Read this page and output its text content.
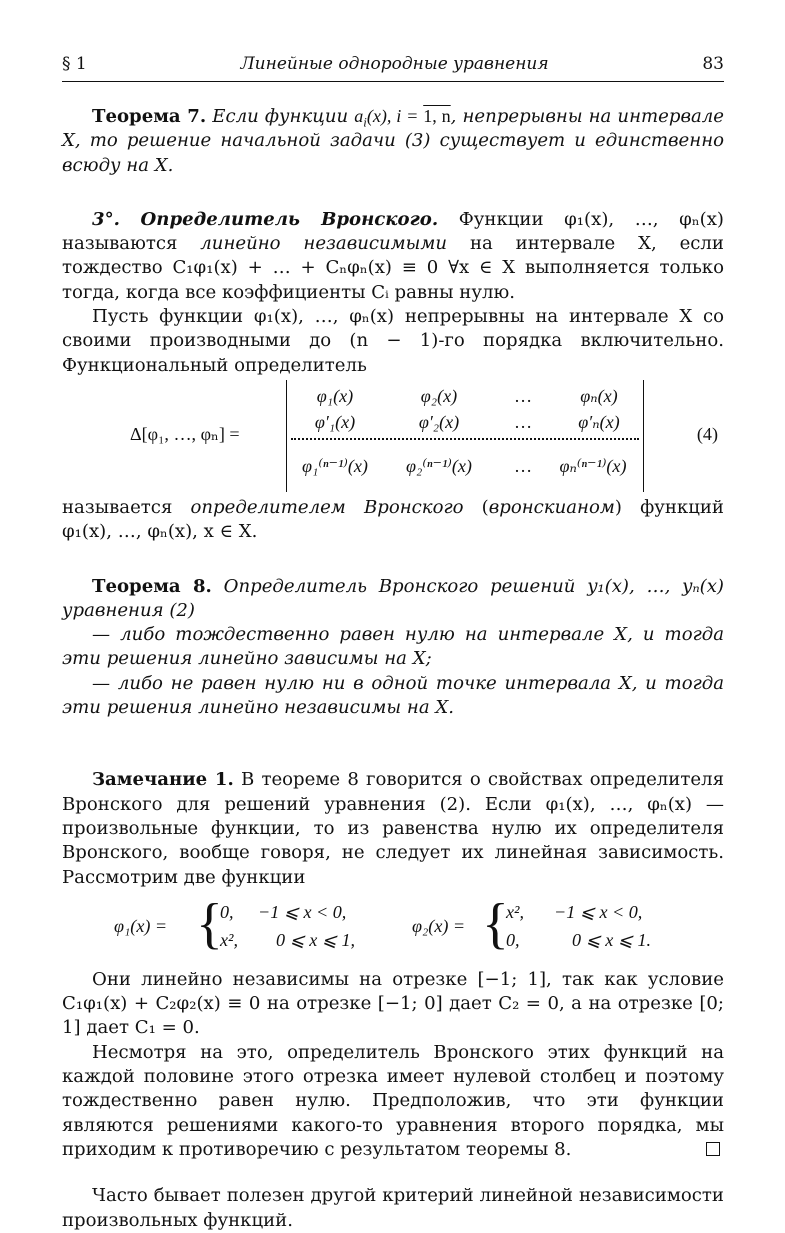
§ 1	Линейные однородные уравнения	83

Теорема 7. Если функции $a_i(x)$, i = 1, n, непрерывны на интервале X, то решение начальной задачи (3) существует и единственно всюду на X.

3°. Определитель Вронского. Функции φ₁(x), …, φₙ(x) называются линейно независимыми на интервале X, если тождество C₁φ₁(x) + … + Cₙφₙ(x) ≡ 0 ∀x ∈ X выполняется только тогда, когда все коэффициенты Cᵢ равны нулю.

Пусть функции φ₁(x), …, φₙ(x) непрерывны на интервале X со своими производными до (n − 1)-го порядка включительно. Функциональный определитель

Δ[φ₁, …, φₙ] =
φ₁(x)	φ₂(x)	…	φₙ(x)
φ′₁(x)	φ′₂(x)	…	φ′ₙ(x)
φ₁⁽ⁿ⁻¹⁾(x)	φ₂⁽ⁿ⁻¹⁾(x)	…	φₙ⁽ⁿ⁻¹⁾(x)
(4)

называется определителем Вронского (вронскианом) функций φ₁(x), …, φₙ(x), x ∈ X.

Теорема 8. Определитель Вронского решений y₁(x), …, yₙ(x) уравнения (2)

— либо тождественно равен нулю на интервале X, и тогда эти решения линейно зависимы на X;

— либо не равен нулю ни в одной точке интервала X, и тогда эти решения линейно независимы на X.

Замечание 1. В теореме 8 говорится о свойствах определителя Вронского для решений уравнения (2). Если φ₁(x), …, φₙ(x) — произвольные функции, то из равенства нулю их определителя Вронского, вообще говоря, не следует их линейная зависимость. Рассмотрим две функции

φ₁(x) = {
0, −1 ⩽ x < 0,
x², 0 ⩽ x ⩽ 1,
φ₂(x) = {
x², −1 ⩽ x < 0,
0,	0 ⩽ x ⩽ 1.

Они линейно независимы на отрезке [−1; 1], так как условие C₁φ₁(x) + C₂φ₂(x) ≡ 0 на отрезке [−1; 0] дает C₂ = 0, а на отрезке [0; 1] дает C₁ = 0.

Несмотря на это, определитель Вронского этих функций на каждой половине этого отрезка имеет нулевой столбец и поэтому тождественно равен нулю. Предположив, что эти функции являются решениями какого-то уравнения второго порядка, мы приходим к противоречию с результатом теоремы 8.

Часто бывает полезен другой критерий линейной независимости произвольных функций.
